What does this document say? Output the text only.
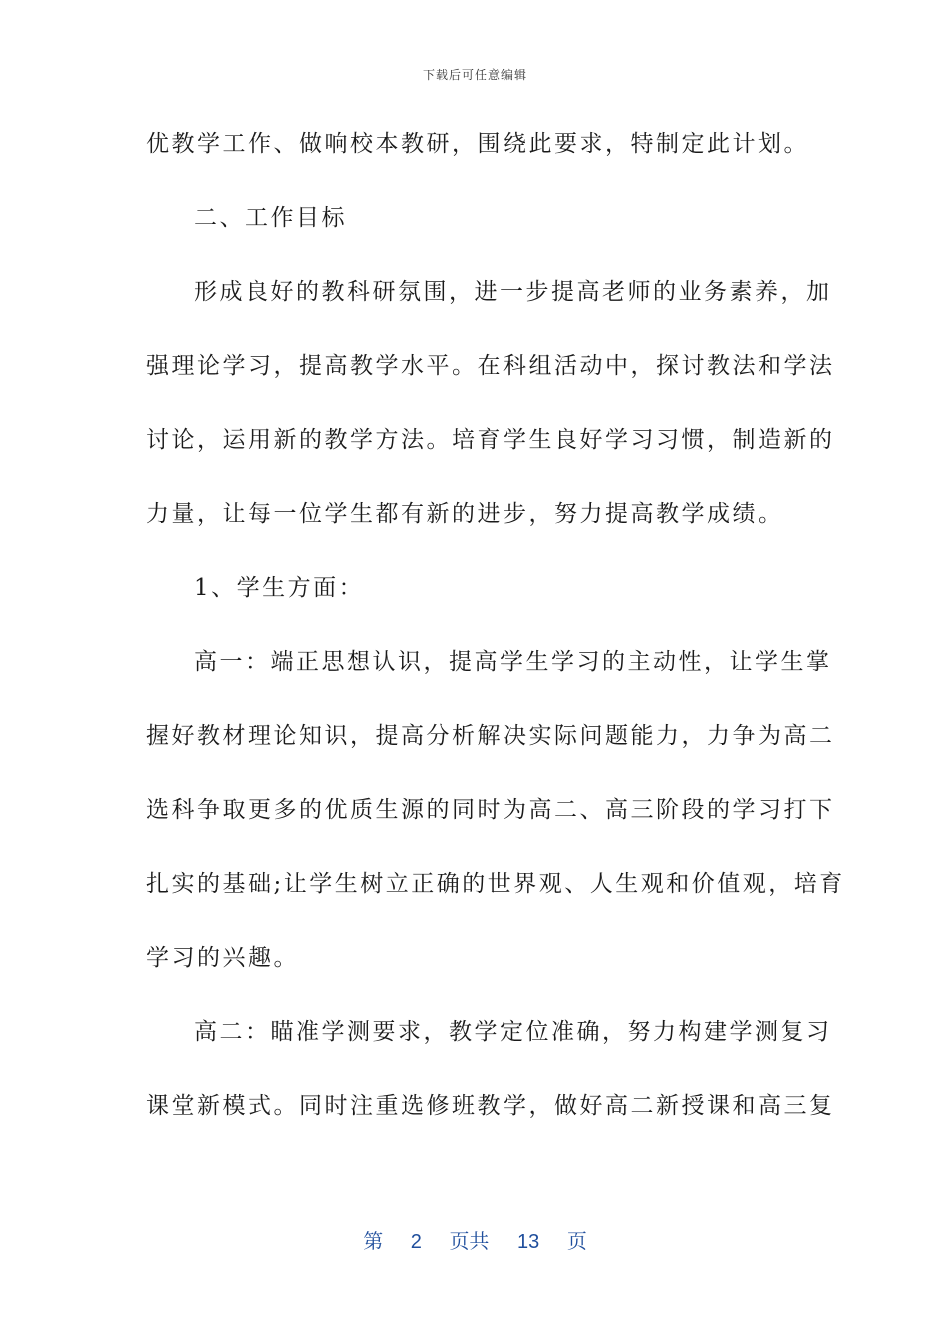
下载后可任意编辑

优教学工作、做响校本教研，围绕此要求，特制定此计划。
二、工作目标
形成良好的教科研氛围，进一步提高老师的业务素养，加
强理论学习，提高教学水平。在科组活动中，探讨教法和学法
讨论，运用新的教学方法。培育学生良好学习习惯，制造新的
力量，让每一位学生都有新的进步，努力提高教学成绩。
1、学生方面：
高一：端正思想认识，提高学生学习的主动性，让学生掌
握好教材理论知识，提高分析解决实际问题能力，力争为高二
选科争取更多的优质生源的同时为高二、高三阶段的学习打下
扎实的基础;让学生树立正确的世界观、人生观和价值观，培育
学习的兴趣。
高二：瞄准学测要求，教学定位准确，努力构建学测复习
课堂新模式。同时注重选修班教学，做好高二新授课和高三复

第 2 页共 13 页
